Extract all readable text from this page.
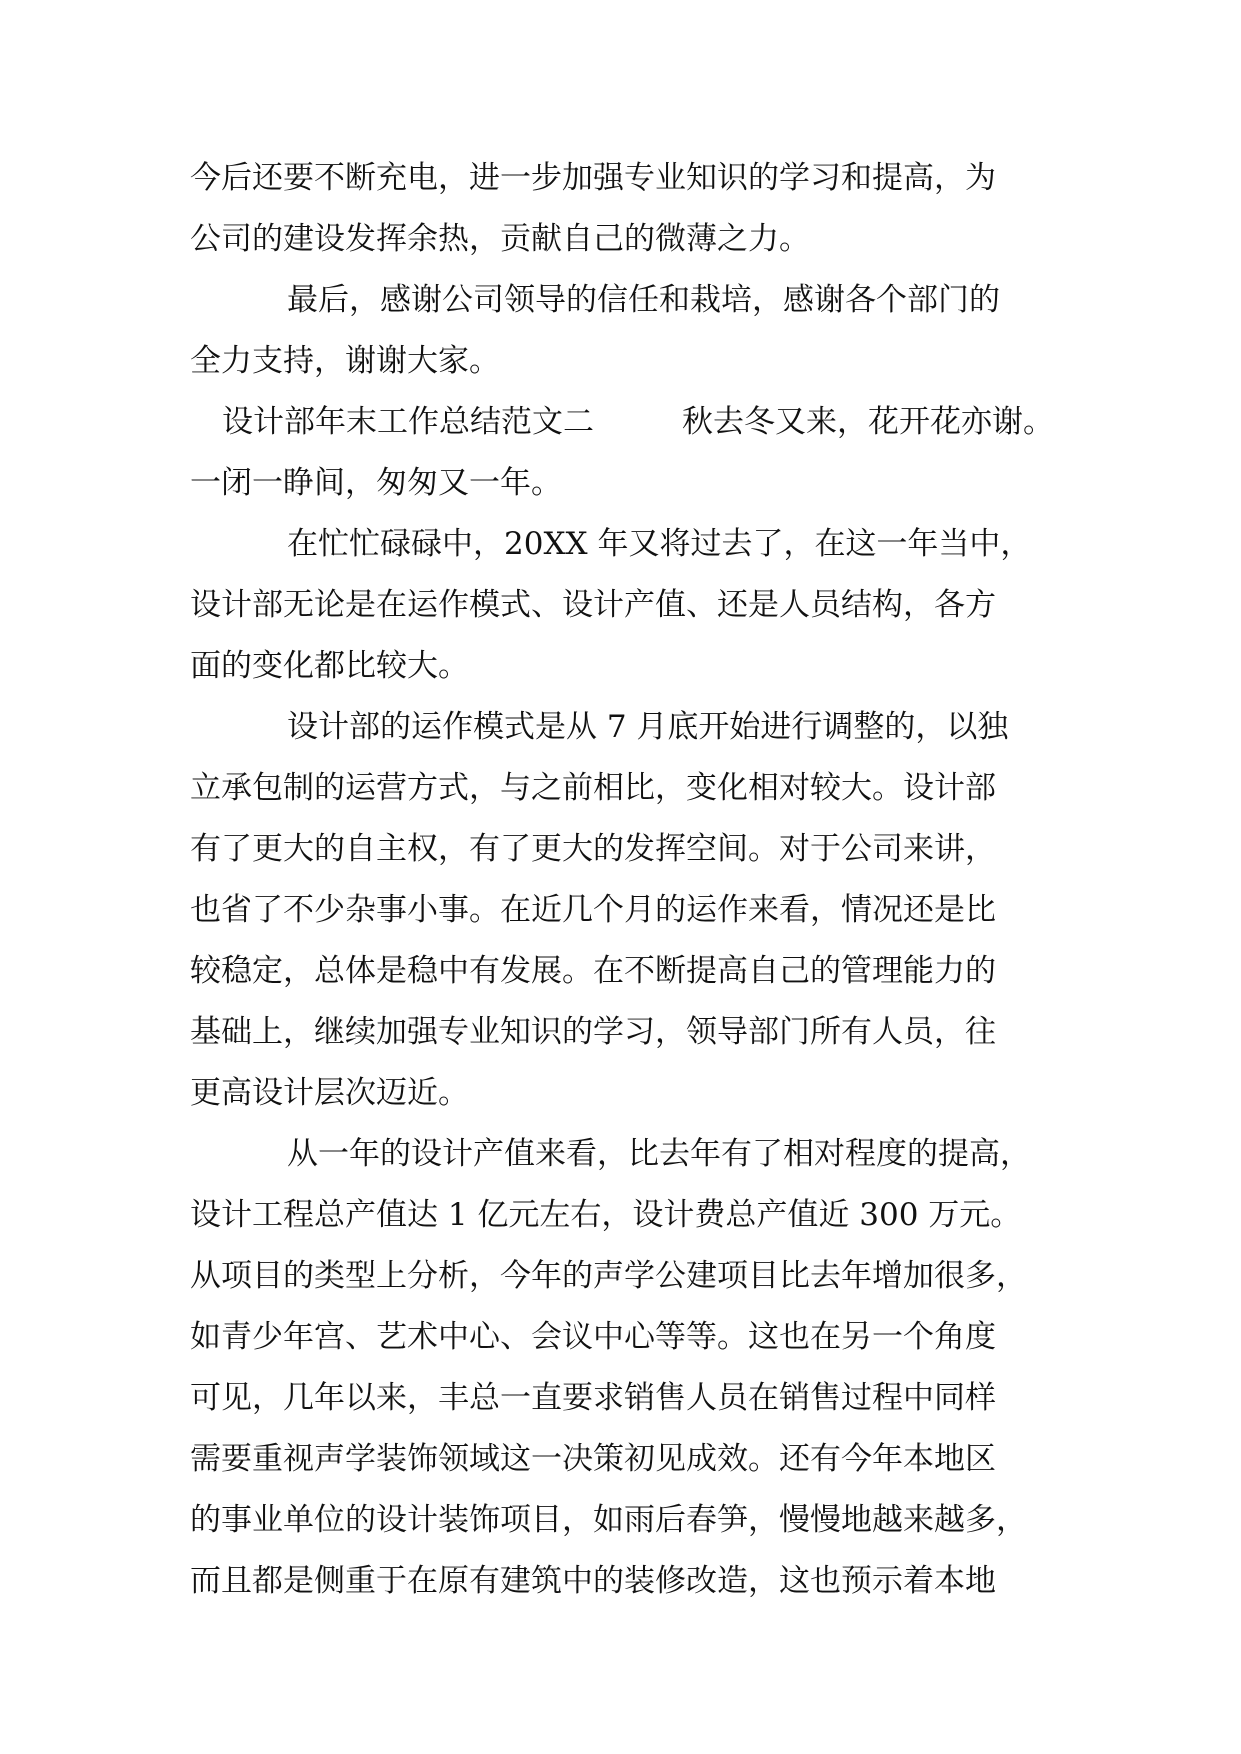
今后还要不断充电，进一步加强专业知识的学习和提高，为
公司的建设发挥余热，贡献自己的微薄之力。
最后，感谢公司领导的信任和栽培，感谢各个部门的
全力支持，谢谢大家。
设计部年末工作总结范文二	秋去冬又来，花开花亦谢。
一闭一睁间，匆匆又一年。
在忙忙碌碌中，20XX 年又将过去了，在这一年当中，
设计部无论是在运作模式、设计产值、还是人员结构，各方
面的变化都比较大。
设计部的运作模式是从 7 月底开始进行调整的，以独
立承包制的运营方式，与之前相比，变化相对较大。设计部
有了更大的自主权，有了更大的发挥空间。对于公司来讲，
也省了不少杂事小事。在近几个月的运作来看，情况还是比
较稳定，总体是稳中有发展。在不断提高自己的管理能力的
基础上，继续加强专业知识的学习，领导部门所有人员，往
更高设计层次迈近。
从一年的设计产值来看，比去年有了相对程度的提高，
设计工程总产值达 1 亿元左右，设计费总产值近 300 万元。
从项目的类型上分析，今年的声学公建项目比去年增加很多，
如青少年宫、艺术中心、会议中心等等。这也在另一个角度
可见，几年以来，丰总一直要求销售人员在销售过程中同样
需要重视声学装饰领域这一决策初见成效。还有今年本地区
的事业单位的设计装饰项目，如雨后春笋，慢慢地越来越多，
而且都是侧重于在原有建筑中的装修改造，这也预示着本地
